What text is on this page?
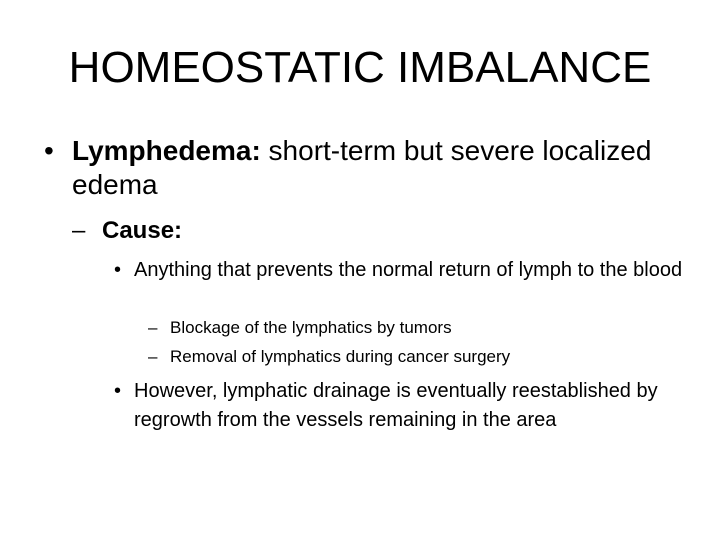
HOMEOSTATIC IMBALANCE
• Lymphedema: short-term but severe localized edema
– Cause:
• Anything that prevents the normal return of lymph to the blood
– Blockage of the lymphatics by tumors
– Removal of lymphatics during cancer surgery
• However, lymphatic drainage is eventually reestablished by regrowth from the vessels remaining in the area
